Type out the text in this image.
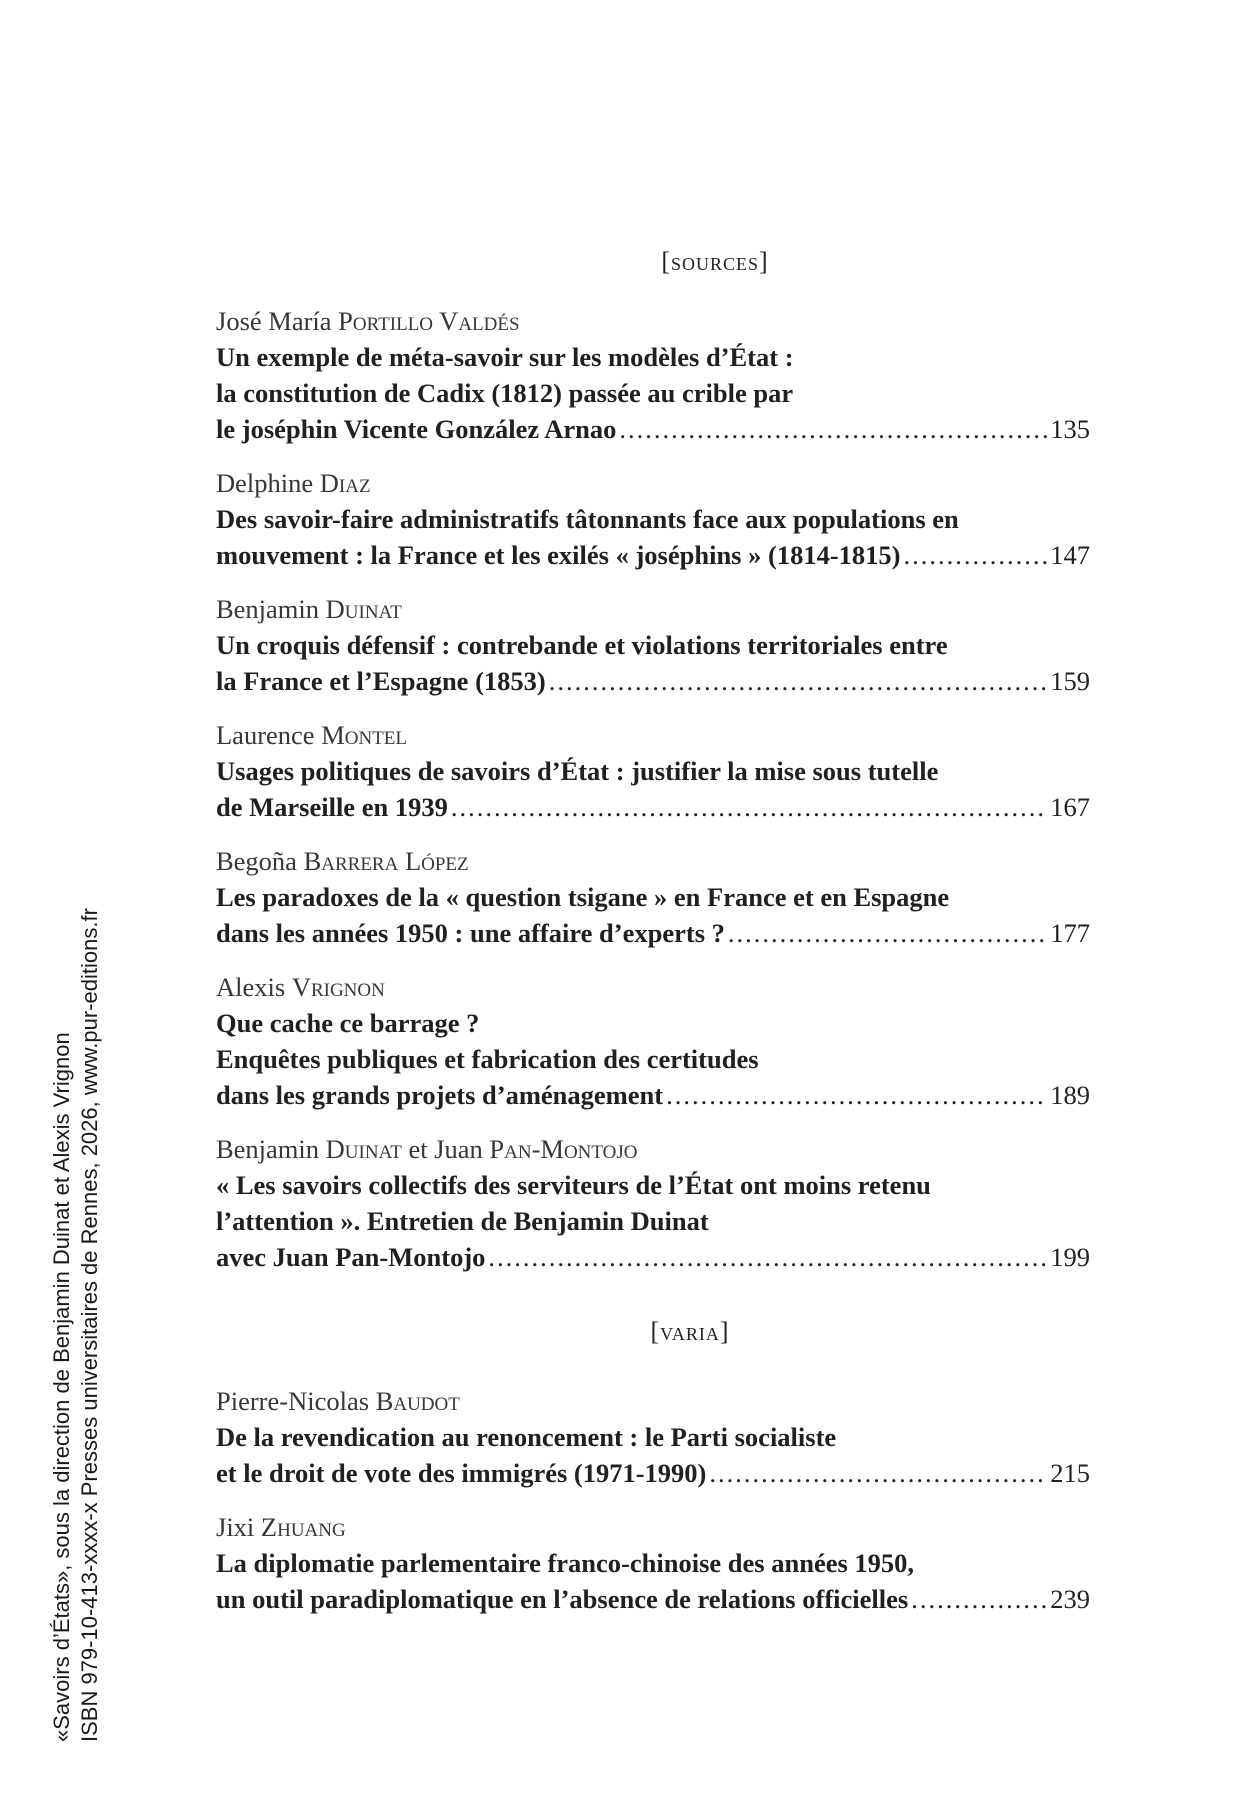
[sources]
José María Portillo Valdés
Un exemple de méta-savoir sur les modèles d’État :
la constitution de Cadix (1812) passée au crible par
le joséphin Vicente González Arnao .....	135
Delphine Diaz
Des savoir-faire administratifs tâtonnants face aux populations en
mouvement : la France et les exilés « joséphins » (1814-1815) .....	147
Benjamin Duinat
Un croquis défensif : contrebande et violations territoriales entre
la France et l’Espagne (1853) .....	159
Laurence Montel
Usages politiques de savoirs d’État : justifier la mise sous tutelle
de Marseille en 1939 .....	167
Begoña Barrera López
Les paradoxes de la « question tsigane » en France et en Espagne
dans les années 1950 : une affaire d’experts ? .....	177
Alexis Vrignon
Que cache ce barrage ?
Enquêtes publiques et fabrication des certitudes
dans les grands projets d’aménagement .....	189
Benjamin Duinat et Juan Pan-Montojo
« Les savoirs collectifs des serviteurs de l’État ont moins retenu
l’attention ». Entretien de Benjamin Duinat
avec Juan Pan-Montojo .....	199
[varia]
Pierre-Nicolas Baudot
De la revendication au renoncement : le Parti socialiste
et le droit de vote des immigrés (1971-1990) .....	215
Jixi Zhuang
La diplomatie parlementaire franco-chinoise des années 1950,
un outil paradiplomatique en l’absence de relations officielles .....	239
«Savoirs d’États», sous la direction de Benjamin Duinat et Alexis Vrignon ISBN 979-10-413-xxxx-x Presses universitaires de Rennes, 2026, www.pur-editions.fr
